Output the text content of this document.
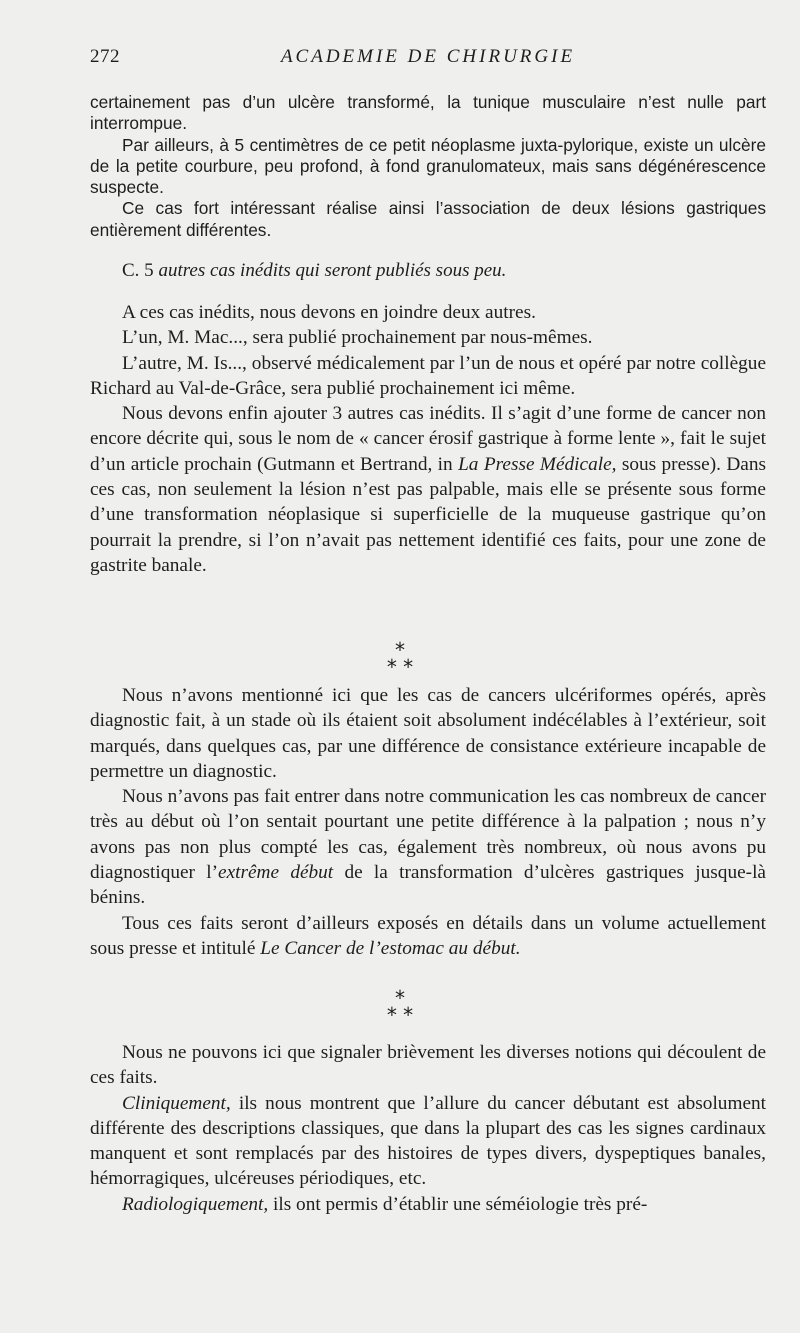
272	ACADEMIE DE CHIRURGIE

certainement pas d’un ulcère transformé, la tunique musculaire n’est nulle part interrompue.

Par ailleurs, à 5 centimètres de ce petit néoplasme juxta-pylorique, existe un ulcère de la petite courbure, peu profond, à fond granulomateux, mais sans dégénérescence suspecte.

Ce cas fort intéressant réalise ainsi l’association de deux lésions gastriques entièrement différentes.

C. 5 autres cas inédits qui seront publiés sous peu.

A ces cas inédits, nous devons en joindre deux autres.

L’un, M. Mac..., sera publié prochainement par nous-mêmes.

L’autre, M. Is..., observé médicalement par l’un de nous et opéré par notre collègue Richard au Val-de-Grâce, sera publié prochainement ici même.

Nous devons enfin ajouter 3 autres cas inédits. Il s’agit d’une forme de cancer non encore décrite qui, sous le nom de « cancer érosif gastrique à forme lente », fait le sujet d’un article prochain (Gutmann et Bertrand, in La Presse Médicale, sous presse). Dans ces cas, non seulement la lésion n’est pas palpable, mais elle se présente sous forme d’une transformation néoplasique si superficielle de la muqueuse gastrique qu’on pourrait la prendre, si l’on n’avait pas nettement identifié ces faits, pour une zone de gastrite banale.

*
* *

Nous n’avons mentionné ici que les cas de cancers ulcériformes opérés, après diagnostic fait, à un stade où ils étaient soit absolument indécélables à l’extérieur, soit marqués, dans quelques cas, par une différence de consistance extérieure incapable de permettre un diagnostic.

Nous n’avons pas fait entrer dans notre communication les cas nombreux de cancer très au début où l’on sentait pourtant une petite différence à la palpation ; nous n’y avons pas non plus compté les cas, également très nombreux, où nous avons pu diagnostiquer l’extrême début de la transformation d’ulcères gastriques jusque-là bénins.

Tous ces faits seront d’ailleurs exposés en détails dans un volume actuellement sous presse et intitulé Le Cancer de l’estomac au début.

*
* *

Nous ne pouvons ici que signaler brièvement les diverses notions qui découlent de ces faits.

Cliniquement, ils nous montrent que l’allure du cancer débutant est absolument différente des descriptions classiques, que dans la plupart des cas les signes cardinaux manquent et sont remplacés par des histoires de types divers, dyspeptiques banales, hémorragiques, ulcéreuses périodiques, etc.

Radiologiquement, ils ont permis d’établir une séméiologie très pré-
